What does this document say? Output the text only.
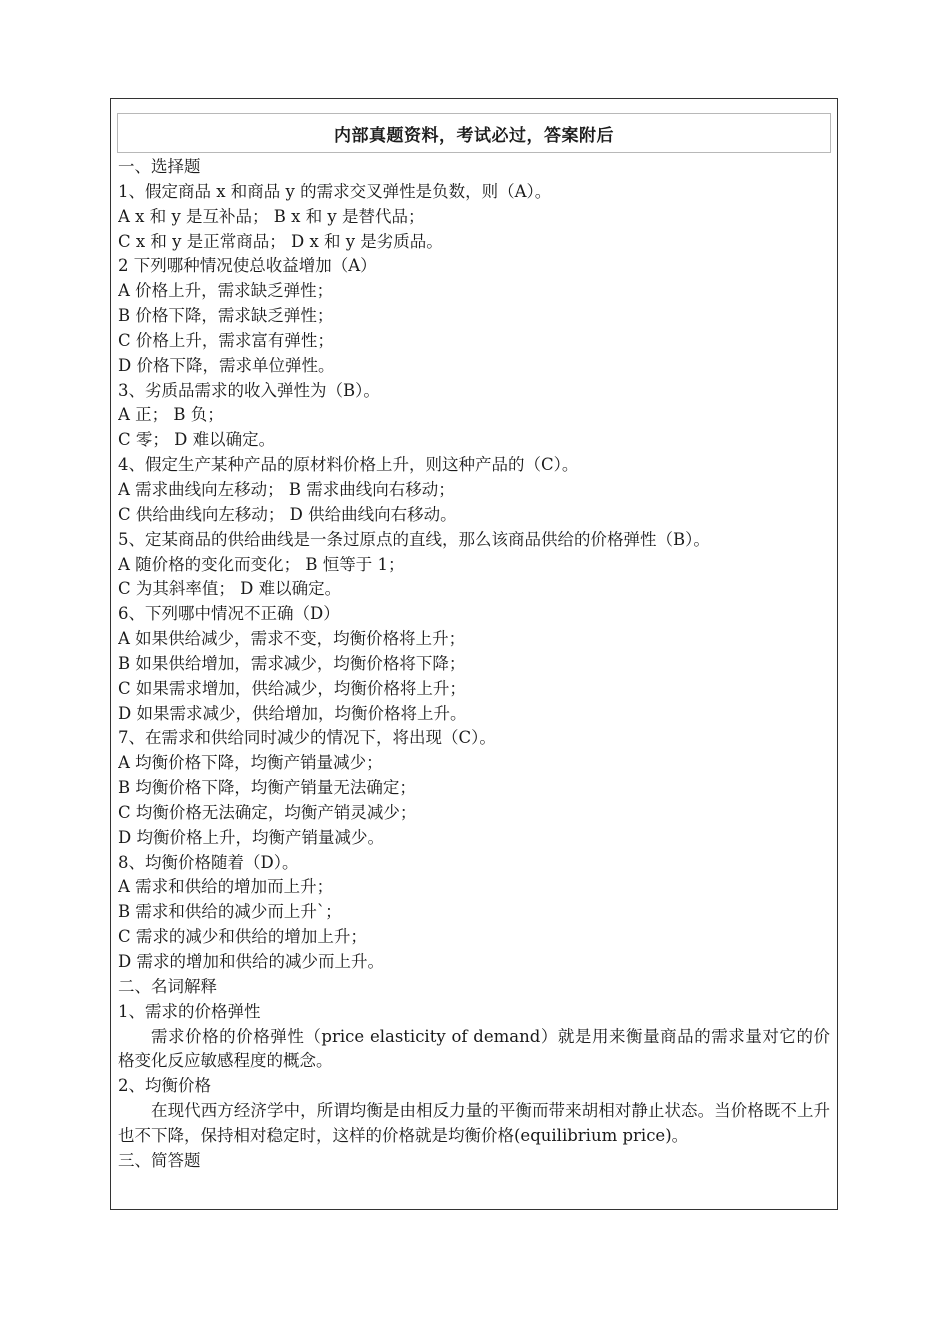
内部真题资料，考试必过，答案附后
一、选择题
1、假定商品 x 和商品 y 的需求交叉弹性是负数，则（A）。
A x 和 y 是互补品； B x 和 y 是替代品；
C x 和 y 是正常商品； D x 和 y 是劣质品。
2 下列哪种情况使总收益增加（A）
A 价格上升，需求缺乏弹性；
B 价格下降，需求缺乏弹性；
C 价格上升，需求富有弹性；
D 价格下降，需求单位弹性。
3、劣质品需求的收入弹性为（B）。
A 正； B 负；
C 零； D 难以确定。
4、假定生产某种产品的原材料价格上升，则这种产品的（C）。
A 需求曲线向左移动； B 需求曲线向右移动；
C 供给曲线向左移动； D 供给曲线向右移动。
5、定某商品的供给曲线是一条过原点的直线，那么该商品供给的价格弹性（B）。
A 随价格的变化而变化； B 恒等于 1；
C 为其斜率值； D 难以确定。
6、下列哪中情况不正确（D）
A 如果供给减少，需求不变，均衡价格将上升；
B 如果供给增加，需求减少，均衡价格将下降；
C 如果需求增加，供给减少，均衡价格将上升；
D 如果需求减少，供给增加，均衡价格将上升。
7、在需求和供给同时减少的情况下，将出现（C）。
A 均衡价格下降，均衡产销量减少；
B 均衡价格下降，均衡产销量无法确定；
C 均衡价格无法确定，均衡产销灵减少；
D 均衡价格上升，均衡产销量减少。
8、均衡价格随着（D）。
A 需求和供给的增加而上升；
B 需求和供给的减少而上升`；
C 需求的减少和供给的增加上升；
D 需求的增加和供给的减少而上升。
二、名词解释
1、需求的价格弹性

需求价格的价格弹性（price elasticity of demand）就是用来衡量商品的需求量对它的价格变化反应敏感程度的概念。

2、均衡价格

在现代西方经济学中，所谓均衡是由相反力量的平衡而带来胡相对静止状态。当价格既不上升也不下降，保持相对稳定时，这样的价格就是均衡价格(equilibrium price)。

三、简答题
